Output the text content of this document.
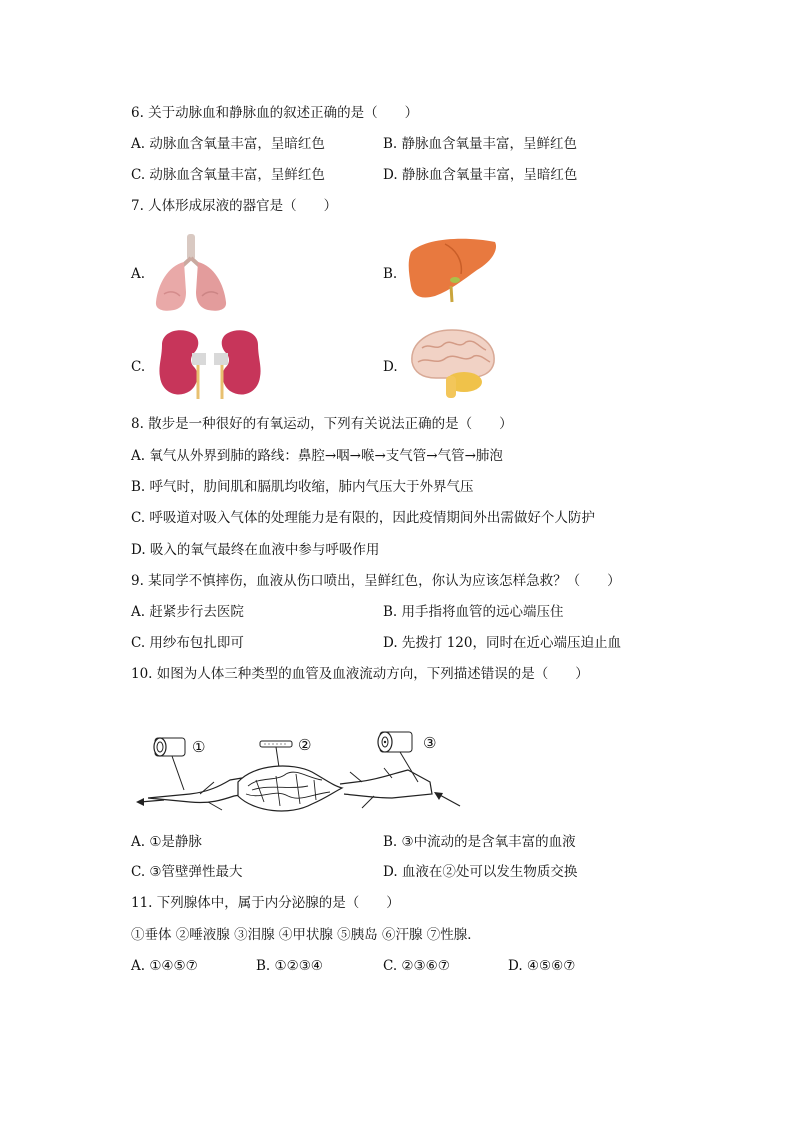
6. 关于动脉血和静脉血的叙述正确的是（　　）
A. 动脉血含氧量丰富，呈暗红色	B. 静脉血含氧量丰富，呈鲜红色
C. 动脉血含氧量丰富，呈鲜红色	D. 静脉血含氧量丰富，呈暗红色
7. 人体形成尿液的器官是（　　）
A.	B.
C.	D.
8. 散步是一种很好的有氧运动，下列有关说法正确的是（　　）
A. 氧气从外界到肺的路线：鼻腔→咽→喉→支气管→气管→肺泡
B. 呼气时，肋间肌和膈肌均收缩，肺内气压大于外界气压
C. 呼吸道对吸入气体的处理能力是有限的，因此疫情期间外出需做好个人防护
D. 吸入的氧气最终在血液中参与呼吸作用
9. 某同学不慎摔伤，血液从伤口喷出，呈鲜红色，你认为应该怎样急救？（　　）
A. 赶紧步行去医院	B. 用手指将血管的远心端压住
C. 用纱布包扎即可	D. 先拨打 120，同时在近心端压迫止血
10. 如图为人体三种类型的血管及血液流动方向，下列描述错误的是（　　）
①	②	③
A. ①是静脉	B. ③中流动的是含氧丰富的血液
C. ③管壁弹性最大	D. 血液在②处可以发生物质交换
11. 下列腺体中，属于内分泌腺的是（　　）
①垂体 ②唾液腺 ③泪腺 ④甲状腺 ⑤胰岛 ⑥汗腺 ⑦性腺．
A. ①④⑤⑦	B. ①②③④	C. ②③⑥⑦	D. ④⑤⑥⑦
